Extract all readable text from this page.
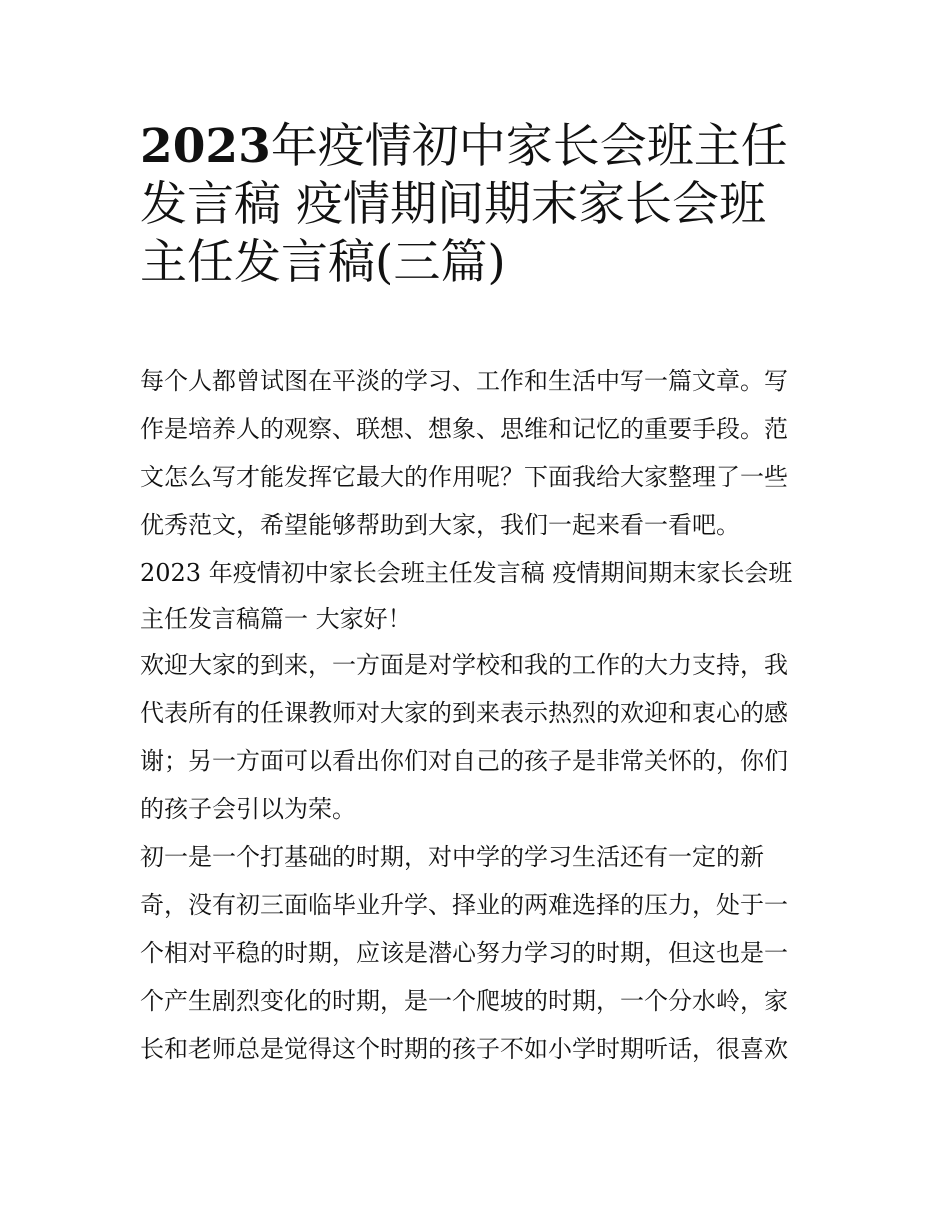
2023年疫情初中家长会班主任
发言稿 疫情期间期末家长会班
主任发言稿(三篇)
每个人都曾试图在平淡的学习、工作和生活中写一篇文章。写
作是培养人的观察、联想、想象、思维和记忆的重要手段。范
文怎么写才能发挥它最大的作用呢？下面我给大家整理了一些
优秀范文，希望能够帮助到大家，我们一起来看一看吧。
2023 年疫情初中家长会班主任发言稿 疫情期间期末家长会班
主任发言稿篇一 大家好！
欢迎大家的到来，一方面是对学校和我的工作的大力支持，我
代表所有的任课教师对大家的到来表示热烈的欢迎和衷心的感
谢；另一方面可以看出你们对自己的孩子是非常关怀的，你们
的孩子会引以为荣。
初一是一个打基础的时期，对中学的学习生活还有一定的新
奇，没有初三面临毕业升学、择业的两难选择的压力，处于一
个相对平稳的时期，应该是潜心努力学习的时期，但这也是一
个产生剧烈变化的时期，是一个爬坡的时期，一个分水岭，家
长和老师总是觉得这个时期的孩子不如小学时期听话，很喜欢
